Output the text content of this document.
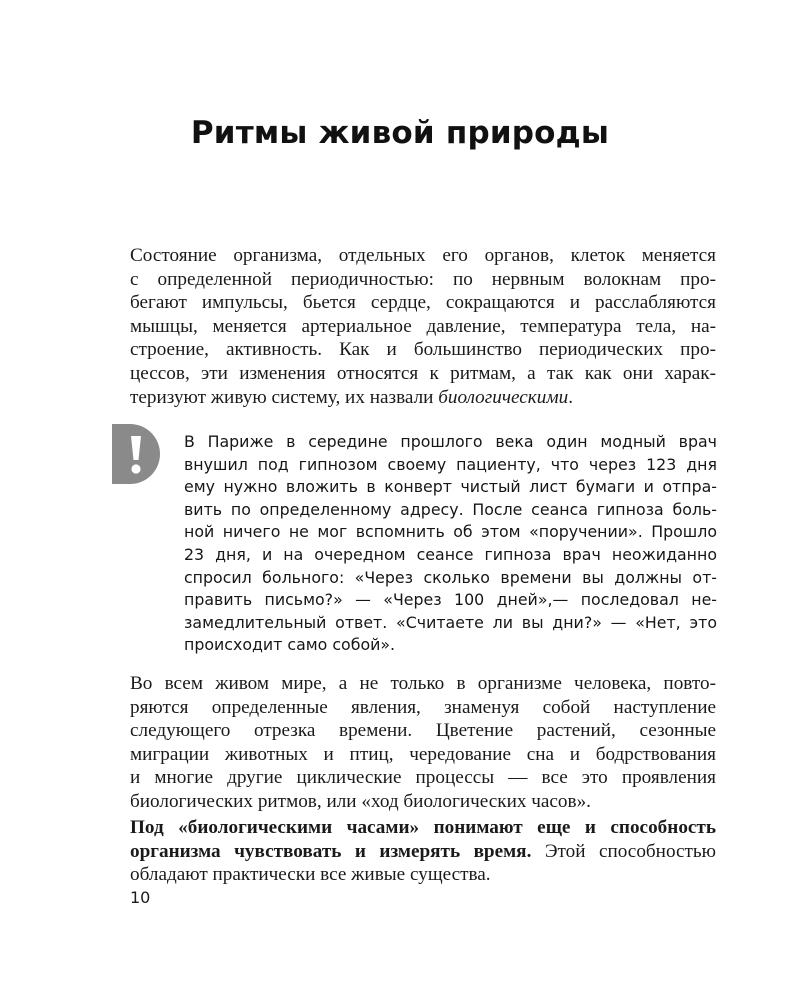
Ритмы живой природы
Состояние организма, отдельных его органов, клеток меняется
с определенной периодичностью: по нервным волокнам про-
бегают импульсы, бьется сердце, сокращаются и расслабляются
мышцы, меняется артериальное давление, температура тела, на-
строение, активность. Как и большинство периодических про-
цессов, эти изменения относятся к ритмам, а так как они харак-
теризуют живую систему, их назвали биологическими.
В Париже в середине прошлого века один модный врач
внушил под гипнозом своему пациенту, что через 123 дня
ему нужно вложить в конверт чистый лист бумаги и отпра-
вить по определенному адресу. После сеанса гипноза боль-
ной ничего не мог вспомнить об этом «поручении». Прошло
23 дня, и на очередном сеансе гипноза врач неожиданно
спросил больного: «Через сколько времени вы должны от-
править письмо?» — «Через 100 дней»,— последовал не-
замедлительный ответ. «Считаете ли вы дни?» — «Нет, это
происходит само собой».
Во всем живом мире, а не только в организме человека, повто-
ряются определенные явления, знаменуя собой наступление
следующего отрезка времени. Цветение растений, сезонные
миграции животных и птиц, чередование сна и бодрствования
и многие другие циклические процессы — все это проявления
биологических ритмов, или «ход биологических часов».
Под «биологическими часами» понимают еще и способность
организма чувствовать и измерять время. Этой способностью
обладают практически все живые существа.
10
